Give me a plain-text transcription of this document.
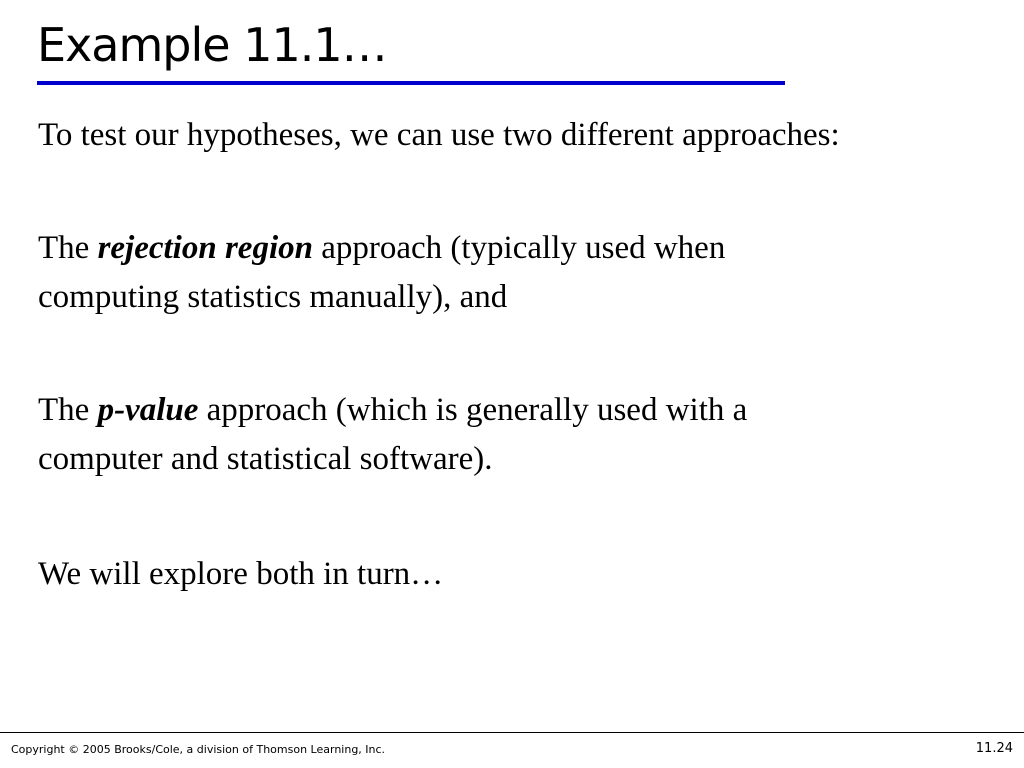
Example 11.1…

To test our hypotheses, we can use two different approaches:

The rejection region approach (typically used when
computing statistics manually), and

The p-value approach (which is generally used with a
computer and statistical software).

We will explore both in turn…

Copyright © 2005 Brooks/Cole, a division of Thomson Learning, Inc.	11.24
